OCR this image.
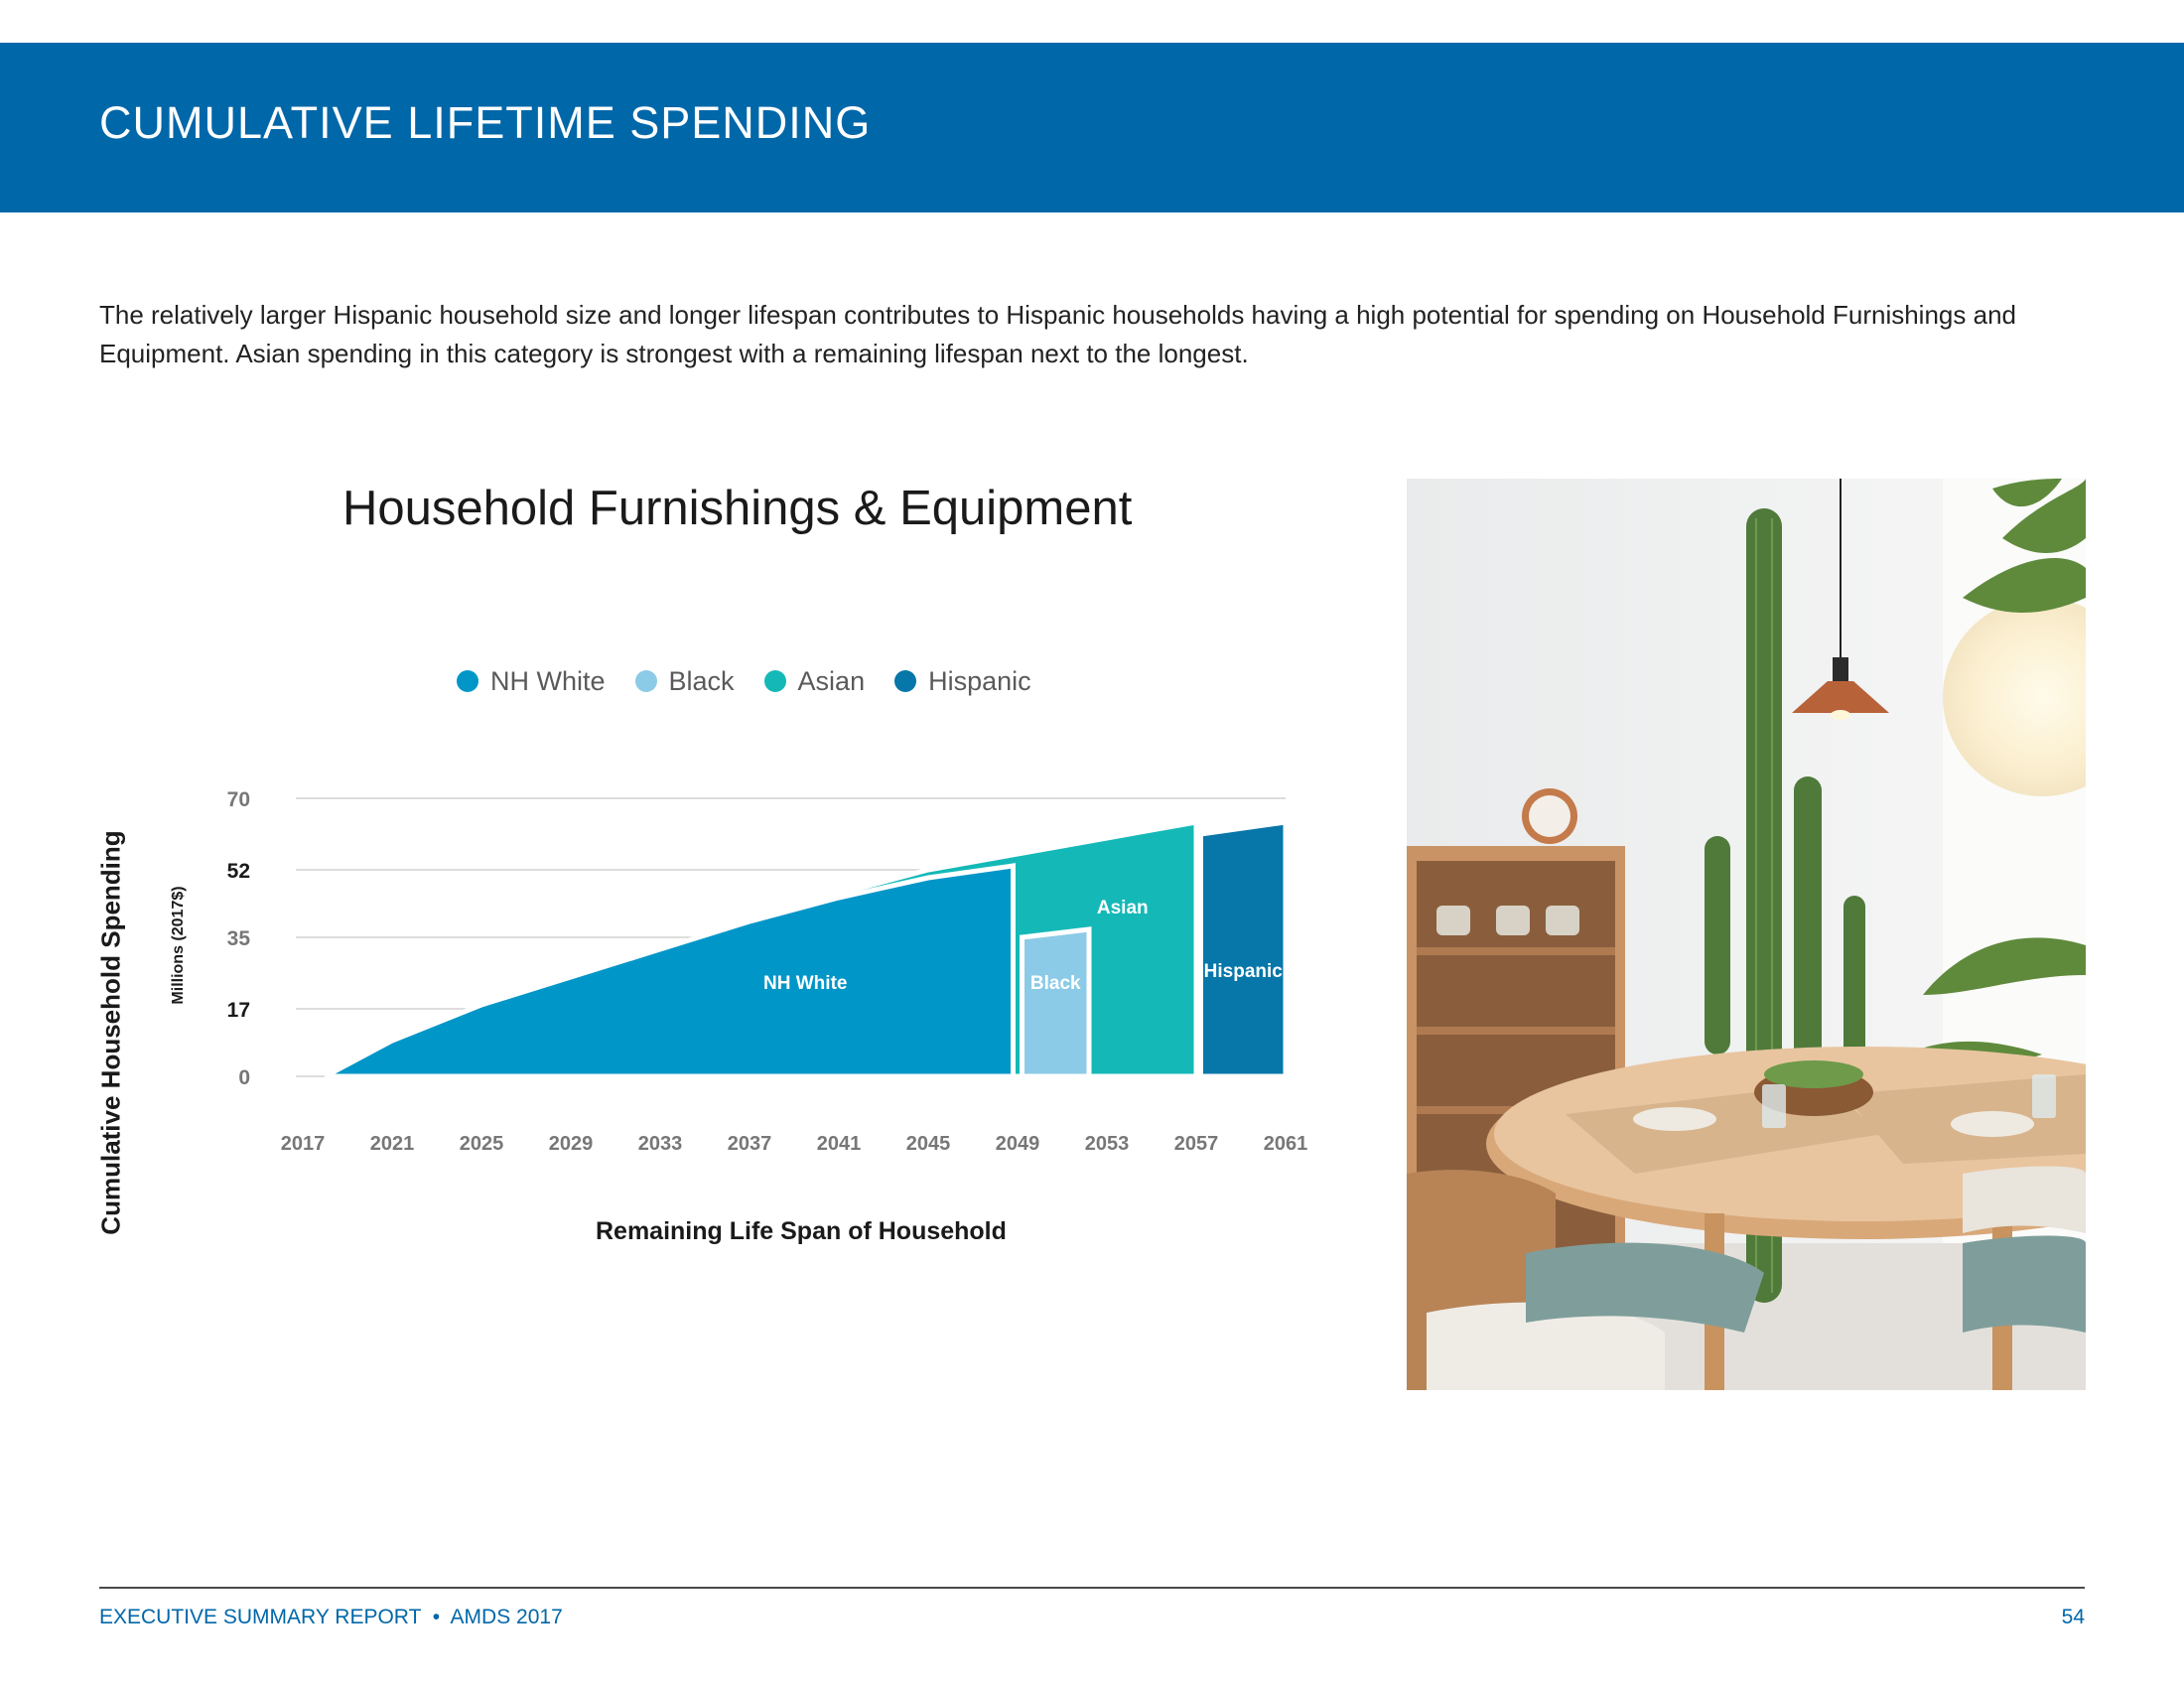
CUMULATIVE LIFETIME SPENDING

The relatively larger Hispanic household size and longer lifespan contributes to Hispanic households having a high potential for spending on Household Furnishings and Equipment. Asian spending in this category is strongest with a remaining lifespan next to the longest.

Household Furnishings & Equipment
NH White Black Asian Hispanic
Cumulative Household Spending	Millions (2017$)
Remaining Life Span of Household
NH White	Black
Asian
Hispanic
0
17
35
52
70
2017 2021 2025 2029 2033 2037 2041 2045 2049 2053 2057 2061
EXECUTIVE SUMMARY REPORT  •  AMDS 2017	54
